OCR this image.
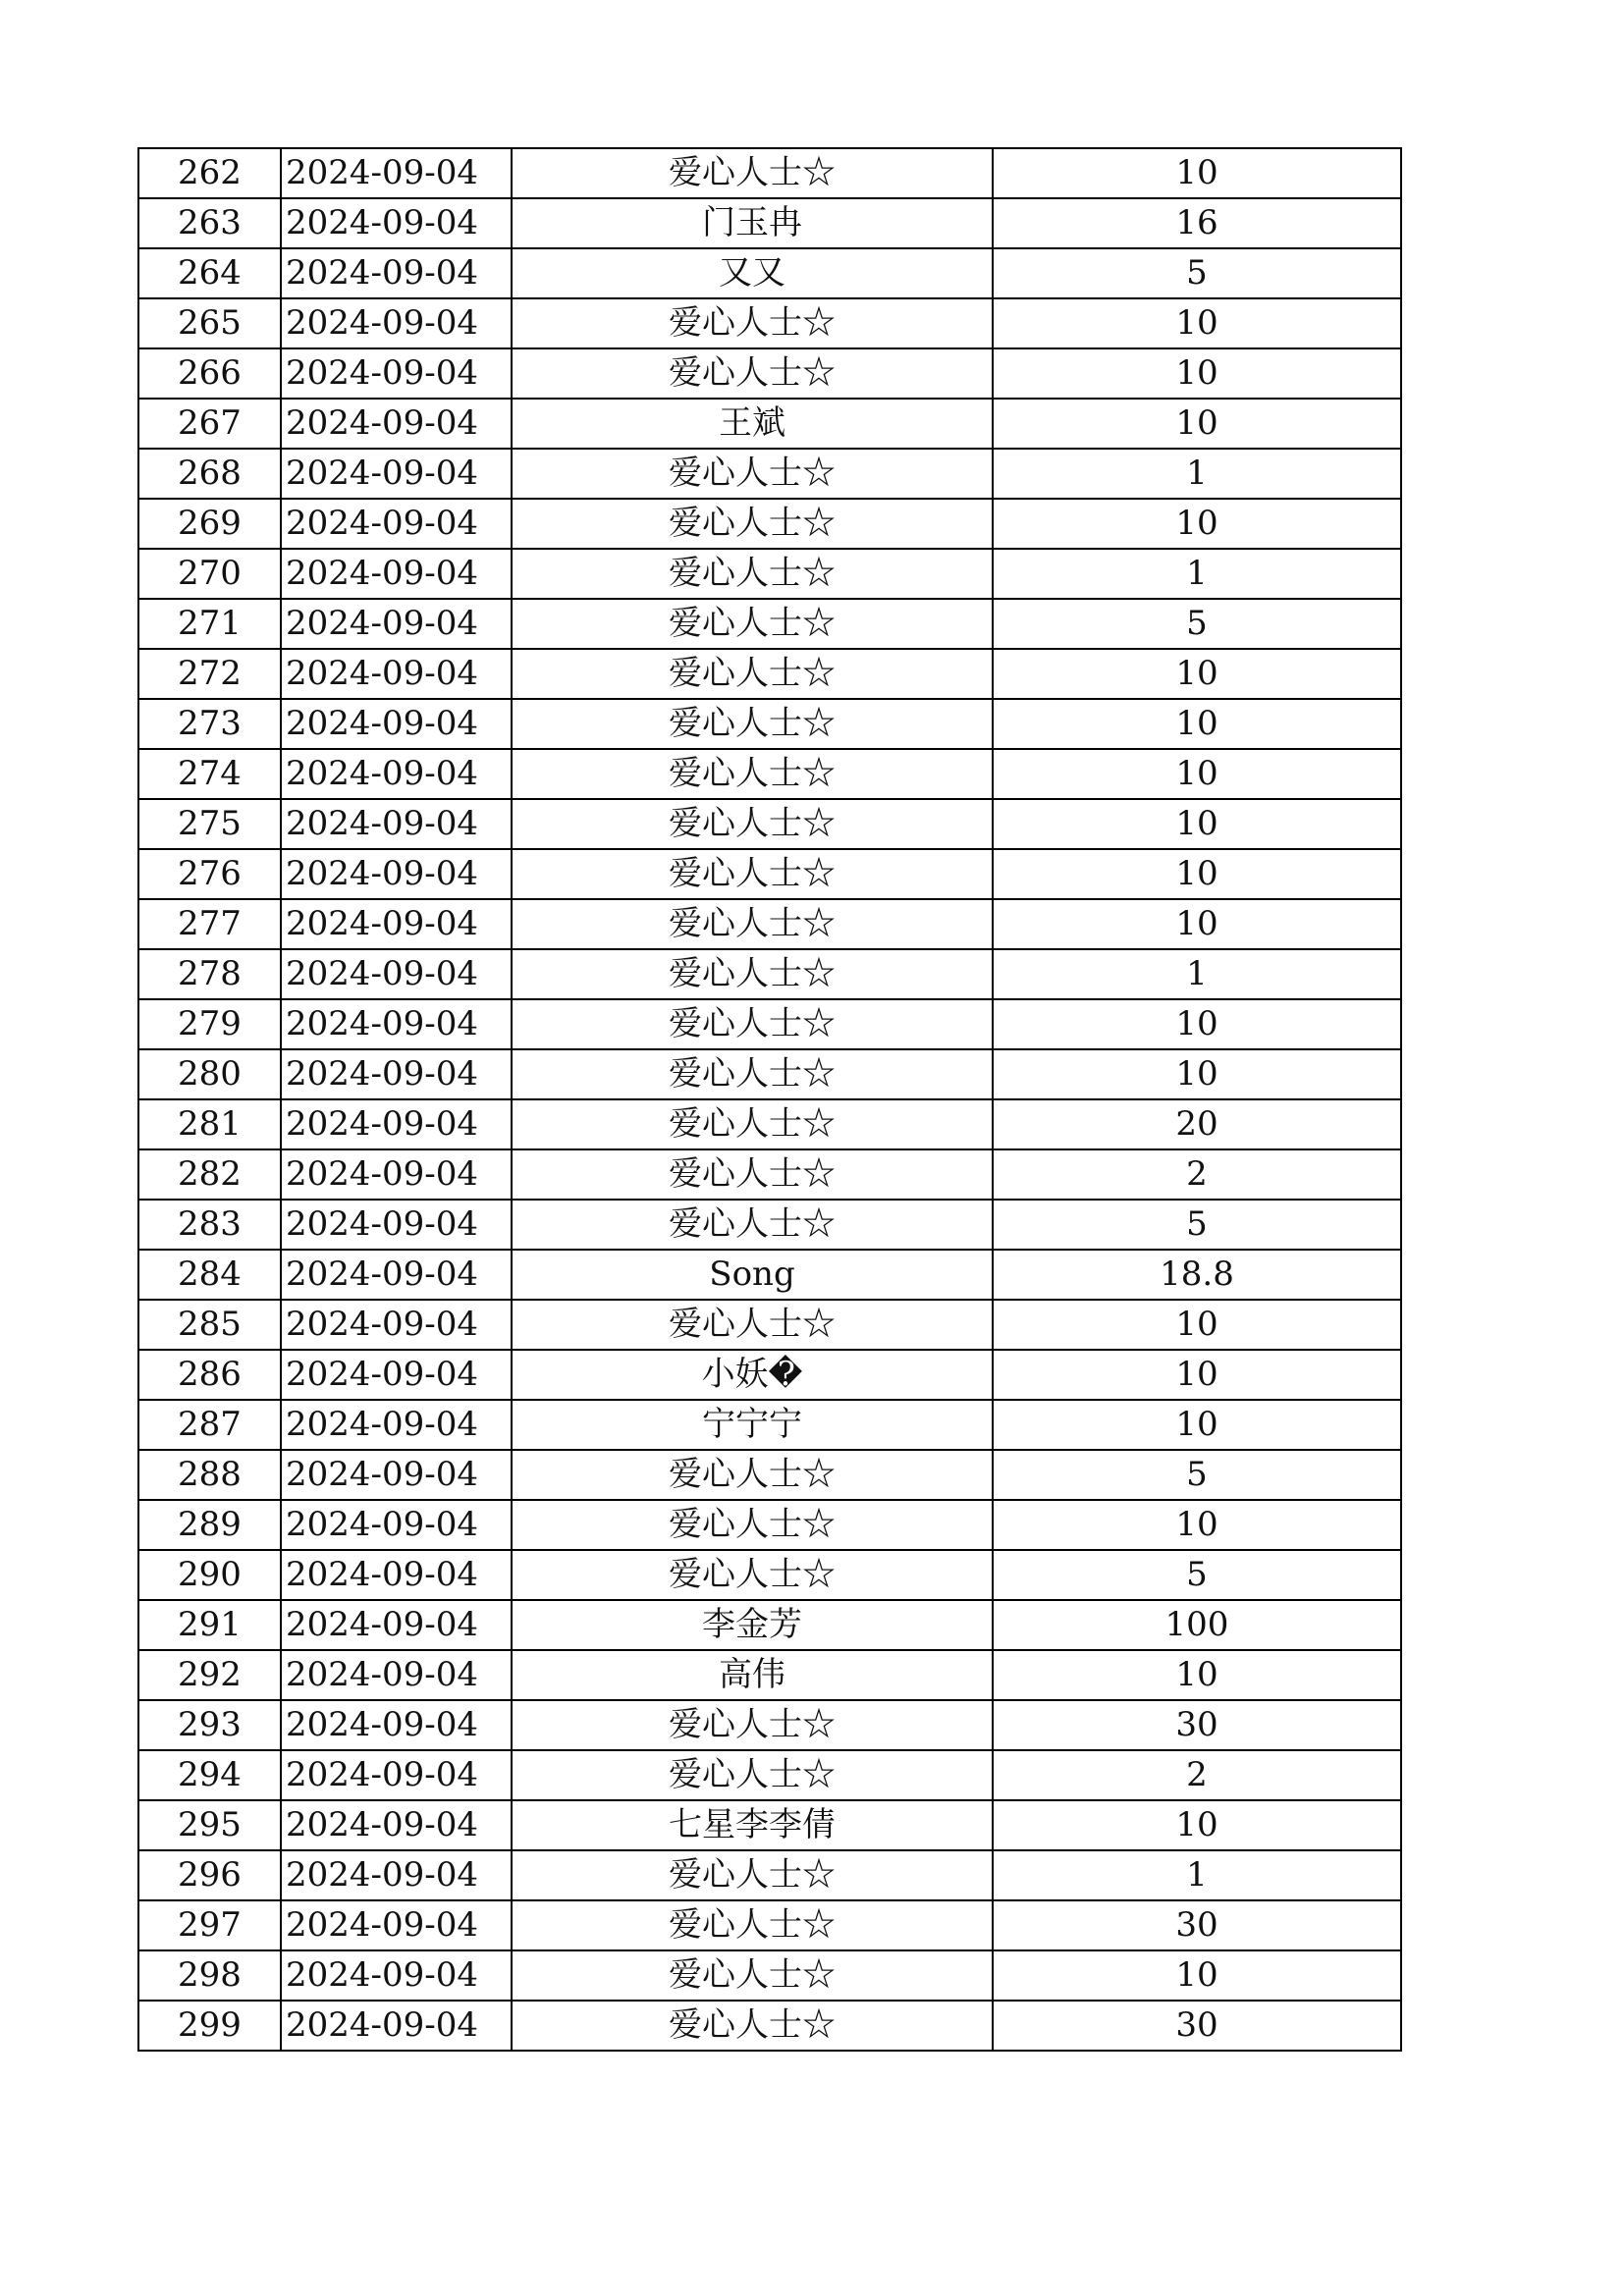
262	2024-09-04	爱心人士☆	10
263	2024-09-04	门玉冉	16
264	2024-09-04	又又	5
265	2024-09-04	爱心人士☆	10
266	2024-09-04	爱心人士☆	10
267	2024-09-04	王斌	10
268	2024-09-04	爱心人士☆	1
269	2024-09-04	爱心人士☆	10
270	2024-09-04	爱心人士☆	1
271	2024-09-04	爱心人士☆	5
272	2024-09-04	爱心人士☆	10
273	2024-09-04	爱心人士☆	10
274	2024-09-04	爱心人士☆	10
275	2024-09-04	爱心人士☆	10
276	2024-09-04	爱心人士☆	10
277	2024-09-04	爱心人士☆	10
278	2024-09-04	爱心人士☆	1
279	2024-09-04	爱心人士☆	10
280	2024-09-04	爱心人士☆	10
281	2024-09-04	爱心人士☆	20
282	2024-09-04	爱心人士☆	2
283	2024-09-04	爱心人士☆	5
284	2024-09-04	Song	18.8
285	2024-09-04	爱心人士☆	10
286	2024-09-04	小妖�	10
287	2024-09-04	宁宁宁	10
288	2024-09-04	爱心人士☆	5
289	2024-09-04	爱心人士☆	10
290	2024-09-04	爱心人士☆	5
291	2024-09-04	李金芳	100
292	2024-09-04	高伟	10
293	2024-09-04	爱心人士☆	30
294	2024-09-04	爱心人士☆	2
295	2024-09-04	七星李李倩	10
296	2024-09-04	爱心人士☆	1
297	2024-09-04	爱心人士☆	30
298	2024-09-04	爱心人士☆	10
299	2024-09-04	爱心人士☆	30
